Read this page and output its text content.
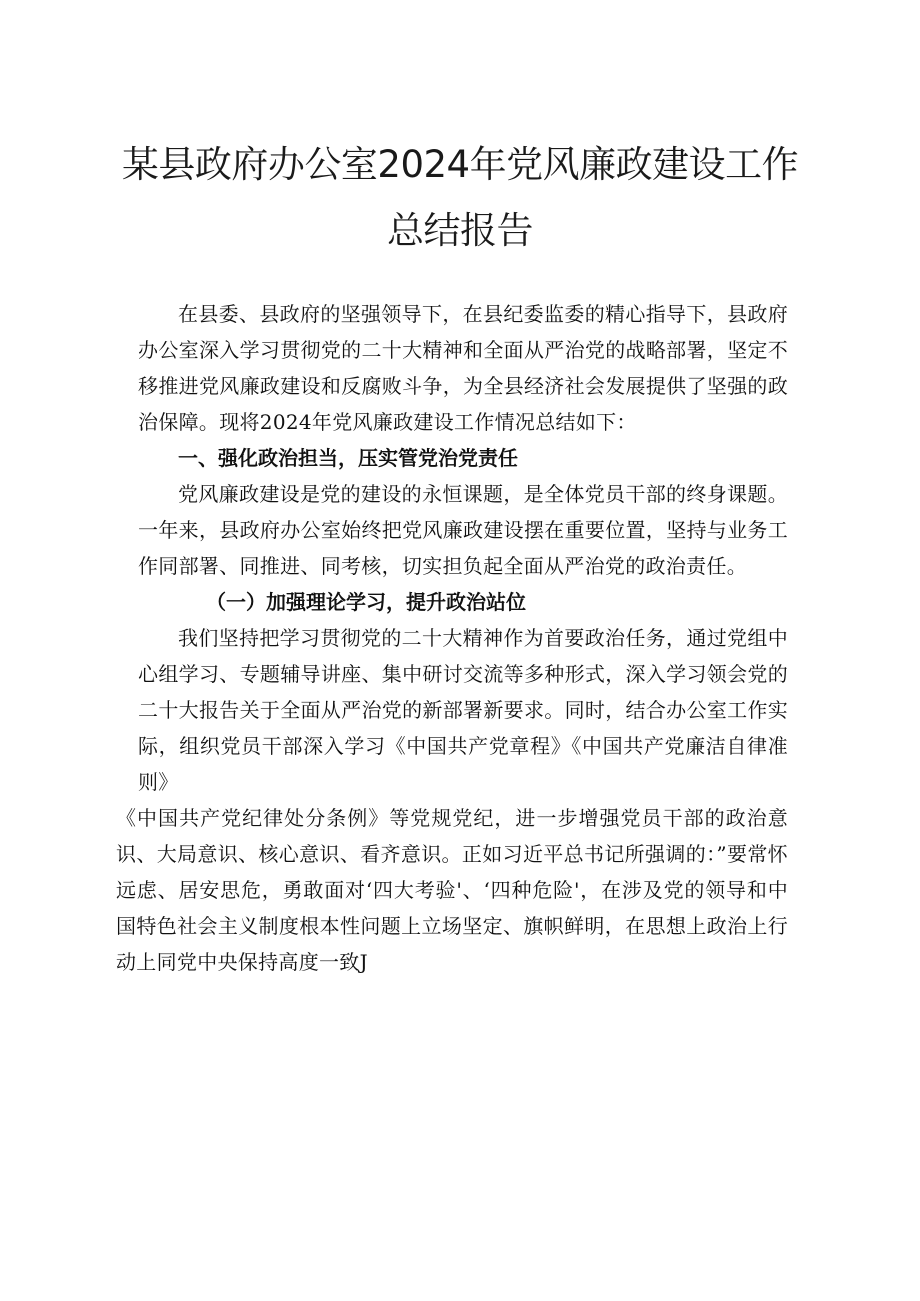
某县政府办公室2024年党风廉政建设工作
总结报告

在县委、县政府的坚强领导下，在县纪委监委的精心指导下，县政府办公室深入学习贯彻党的二十大精神和全面从严治党的战略部署，坚定不移推进党风廉政建设和反腐败斗争，为全县经济社会发展提供了坚强的政治保障。现将2024年党风廉政建设工作情况总结如下：

一、强化政治担当，压实管党治党责任

党风廉政建设是党的建设的永恒课题，是全体党员干部的终身课题。一年来，县政府办公室始终把党风廉政建设摆在重要位置，坚持与业务工作同部署、同推进、同考核，切实担负起全面从严治党的政治责任。

（一）加强理论学习，提升政治站位

我们坚持把学习贯彻党的二十大精神作为首要政治任务，通过党组中心组学习、专题辅导讲座、集中研讨交流等多种形式，深入学习领会党的二十大报告关于全面从严治党的新部署新要求。同时，结合办公室工作实际，组织党员干部深入学习《中国共产党章程》《中国共产党廉洁自律准则》

《中国共产党纪律处分条例》等党规党纪，进一步增强党员干部的政治意识、大局意识、核心意识、看齐意识。正如习近平总书记所强调的：”要常怀远虑、居安思危，勇敢面对‘四大考验'、‘四种危险'，在涉及党的领导和中国特色社会主义制度根本性问题上立场坚定、旗帜鲜明，在思想上政治上行动上同党中央保持高度一致J
